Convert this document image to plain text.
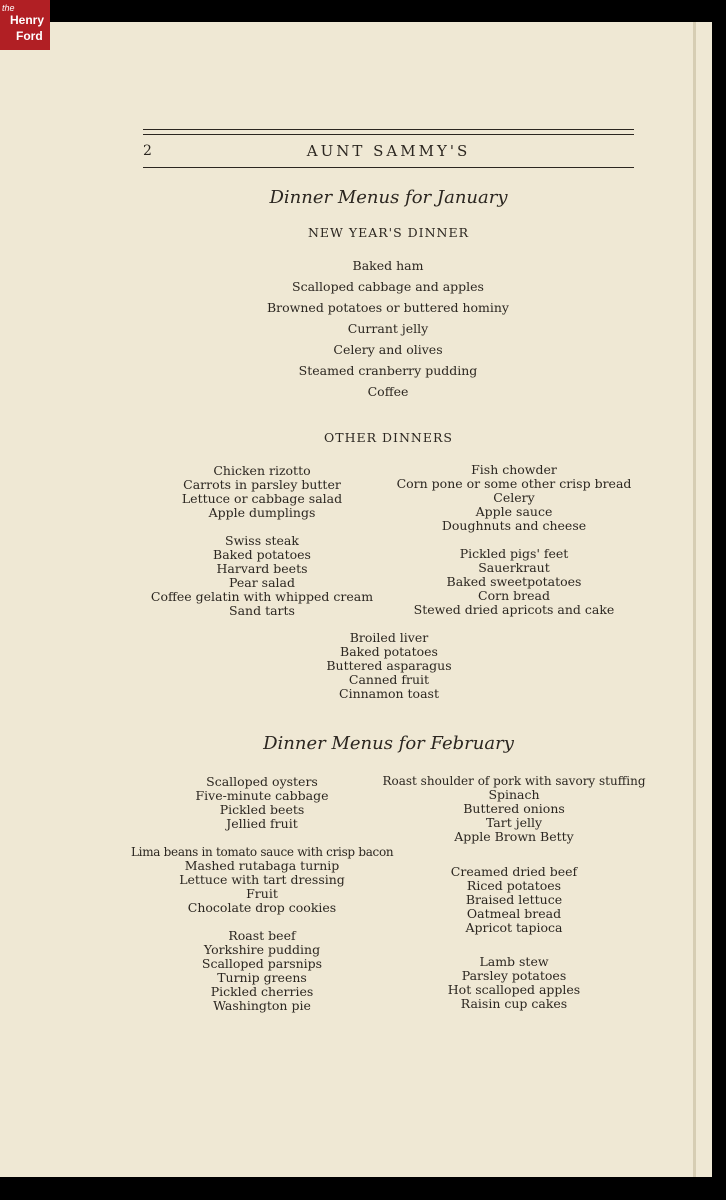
the
Henry
Ford
2	AUNT SAMMY'S
Dinner Menus for January
NEW YEAR'S DINNER
Baked ham
Scalloped cabbage and apples
Browned potatoes or buttered hominy
Currant jelly
Celery and olives
Steamed cranberry pudding
Coffee
OTHER DINNERS
Chicken rizotto
Carrots in parsley butter
Lettuce or cabbage salad
Apple dumplings
Fish chowder
Corn pone or some other crisp bread
Celery
Apple sauce
Doughnuts and cheese
Swiss steak
Baked potatoes
Harvard beets
Pear salad
Coffee gelatin with whipped cream
Sand tarts
Pickled pigs' feet
Sauerkraut
Baked sweetpotatoes
Corn bread
Stewed dried apricots and cake
Broiled liver
Baked potatoes
Buttered asparagus
Canned fruit
Cinnamon toast
Dinner Menus for February
Scalloped oysters
Five-minute cabbage
Pickled beets
Jellied fruit
Roast shoulder of pork with savory stuffing
Spinach
Buttered onions
Tart jelly
Apple Brown Betty
Lima beans in tomato sauce with crisp bacon
Mashed rutabaga turnip
Lettuce with tart dressing
Fruit
Chocolate drop cookies
Creamed dried beef
Riced potatoes
Braised lettuce
Oatmeal bread
Apricot tapioca
Roast beef
Yorkshire pudding
Scalloped parsnips
Turnip greens
Pickled cherries
Washington pie
Lamb stew
Parsley potatoes
Hot scalloped apples
Raisin cup cakes
